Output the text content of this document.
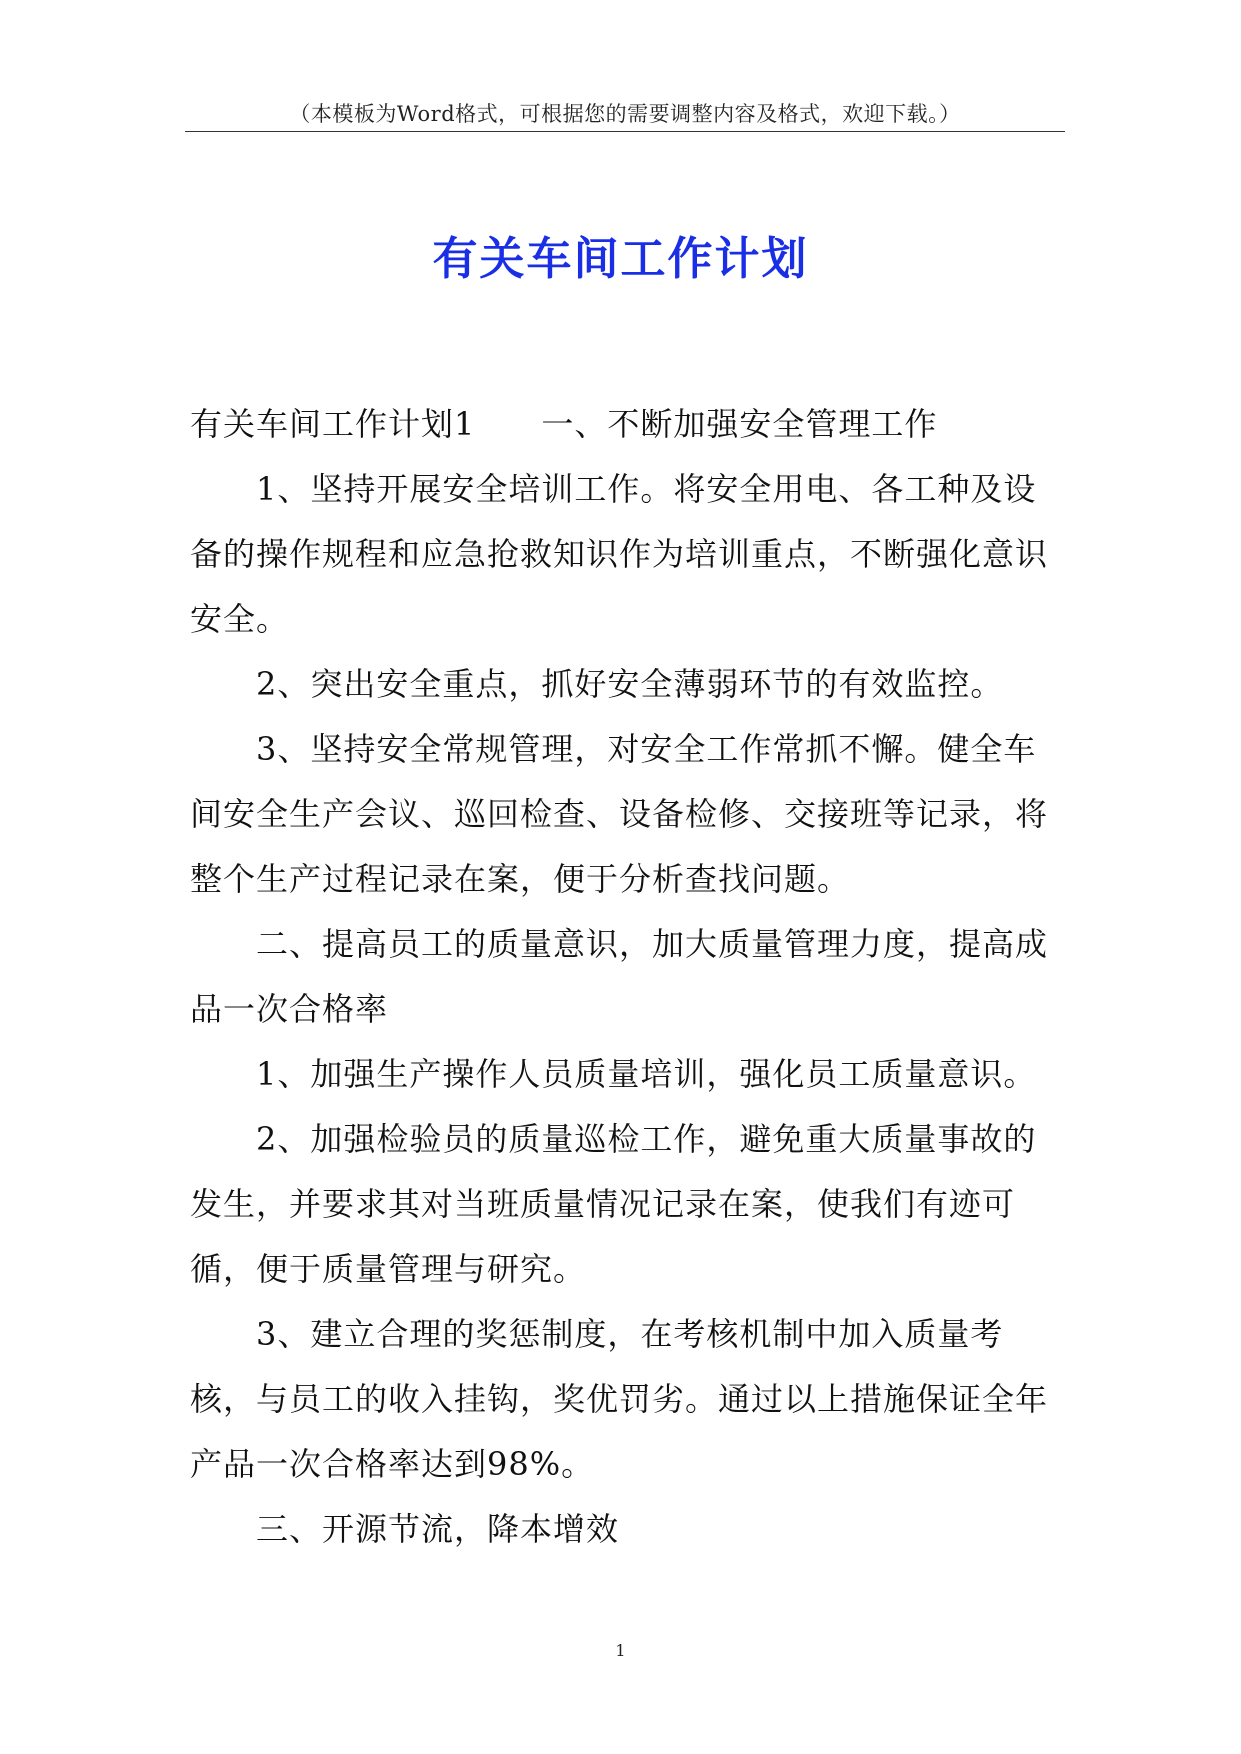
（本模板为Word格式，可根据您的需要调整内容及格式，欢迎下载。）
有关车间工作计划

有关车间工作计划1 一、不断加强安全管理工作

1、坚持开展安全培训工作。将安全用电、各工种及设备的操作规程和应急抢救知识作为培训重点，不断强化意识安全。

2、突出安全重点，抓好安全薄弱环节的有效监控。

3、坚持安全常规管理，对安全工作常抓不懈。健全车间安全生产会议、巡回检查、设备检修、交接班等记录，将整个生产过程记录在案，便于分析查找问题。

二、提高员工的质量意识，加大质量管理力度，提高成品一次合格率

1、加强生产操作人员质量培训，强化员工质量意识。

2、加强检验员的质量巡检工作，避免重大质量事故的发生，并要求其对当班质量情况记录在案，使我们有迹可循，便于质量管理与研究。

3、建立合理的奖惩制度，在考核机制中加入质量考核，与员工的收入挂钩，奖优罚劣。通过以上措施保证全年产品一次合格率达到98%。

三、开源节流，降本增效

1
